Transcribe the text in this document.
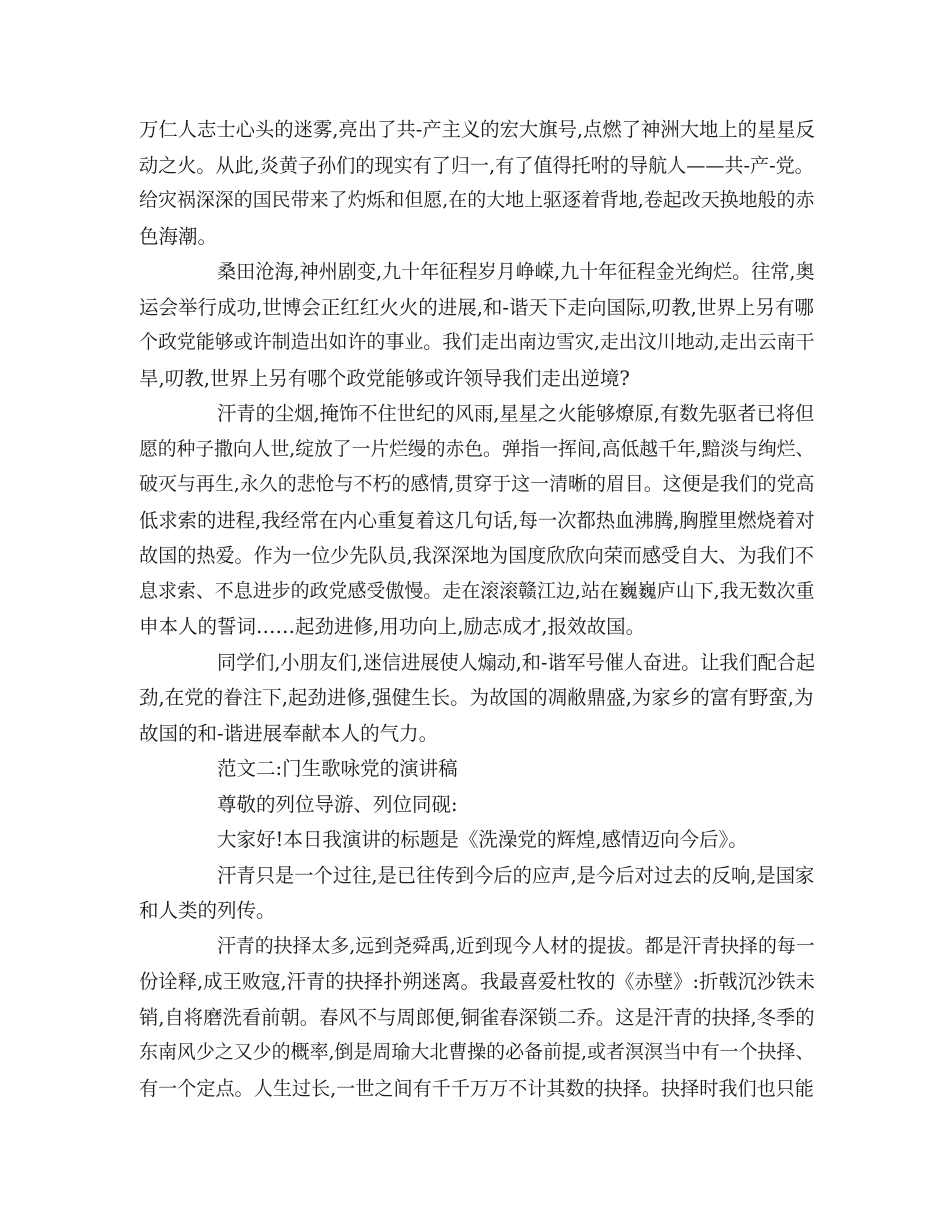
万仁人志士心头的迷雾,亮出了共-产主义的宏大旗号,点燃了神洲大地上的星星反
动之火。从此,炎黄子孙们的现实有了归一,有了值得托咐的导航人——共-产-党。
给灾祸深深的国民带来了灼烁和但愿,在的大地上驱逐着背地,卷起改天换地般的赤
色海潮。
桑田沧海,神州剧变,九十年征程岁月峥嵘,九十年征程金光绚烂。往常,奥
运会举行成功,世博会正红红火火的进展,和-谐天下走向国际,叨教,世界上另有哪
个政党能够或许制造出如许的事业。我们走出南边雪灾,走出汶川地动,走出云南干
旱,叨教,世界上另有哪个政党能够或许领导我们走出逆境?
汗青的尘烟,掩饰不住世纪的风雨,星星之火能够燎原,有数先驱者已将但
愿的种子撒向人世,绽放了一片烂缦的赤色。弹指一挥间,高低越千年,黯淡与绚烂、
破灭与再生,永久的悲怆与不朽的感情,贯穿于这一清晰的眉目。这便是我们的党高
低求索的进程,我经常在内心重复着这几句话,每一次都热血沸腾,胸膛里燃烧着对
故国的热爱。作为一位少先队员,我深深地为国度欣欣向荣而感受自大、为我们不
息求索、不息进步的政党感受傲慢。走在滚滚赣江边,站在巍巍庐山下,我无数次重
申本人的誓词……起劲进修,用功向上,励志成才,报效故国。
同学们,小朋友们,迷信进展使人煽动,和-谐军号催人奋进。让我们配合起
劲,在党的眷注下,起劲进修,强健生长。为故国的凋敝鼎盛,为家乡的富有野蛮,为
故国的和-谐进展奉献本人的气力。
范文二:门生歌咏党的演讲稿
尊敬的列位导游、列位同砚:
大家好!本日我演讲的标题是《洗澡党的辉煌,感情迈向今后》。
汗青只是一个过往,是已往传到今后的应声,是今后对过去的反响,是国家
和人类的列传。
汗青的抉择太多,远到尧舜禹,近到现今人材的提拔。都是汗青抉择的每一
份诠释,成王败寇,汗青的抉择扑朔迷离。我最喜爱杜牧的《赤壁》:折戟沉沙铁未
销,自将磨洗看前朝。春风不与周郎便,铜雀春深锁二乔。这是汗青的抉择,冬季的
东南风少之又少的概率,倒是周瑜大北曹操的必备前提,或者溟溟当中有一个抉择、
有一个定点。人生过长,一世之间有千千万万不计其数的抉择。抉择时我们也只能
